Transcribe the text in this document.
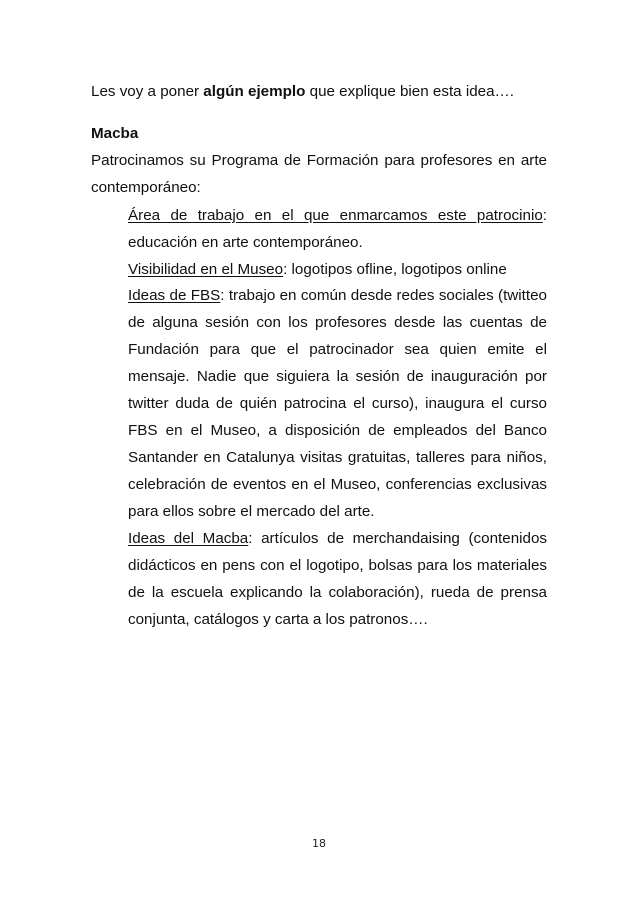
Les voy a poner algún ejemplo que explique bien esta idea….
Macba
Patrocinamos su Programa de Formación para profesores en arte
contemporáneo:
Área de trabajo en el que enmarcamos este patrocinio:
educación en arte contemporáneo.
Visibilidad en el Museo: logotipos ofline, logotipos online
Ideas de FBS: trabajo en común desde redes sociales (twitteo
de alguna sesión con los profesores desde las cuentas de
Fundación para que el patrocinador sea quien emite el
mensaje. Nadie que siguiera la sesión de inauguración por
twitter duda de quién patrocina el curso), inaugura el curso
FBS en el Museo, a disposición de empleados del Banco
Santander en Catalunya visitas gratuitas, talleres para niños,
celebración de eventos en el Museo, conferencias exclusivas
para ellos sobre el mercado del arte.
Ideas del Macba: artículos de merchandaising (contenidos
didácticos en pens con el logotipo, bolsas para los materiales
de la escuela explicando la colaboración), rueda de prensa
conjunta, catálogos y carta a los patronos….
18
